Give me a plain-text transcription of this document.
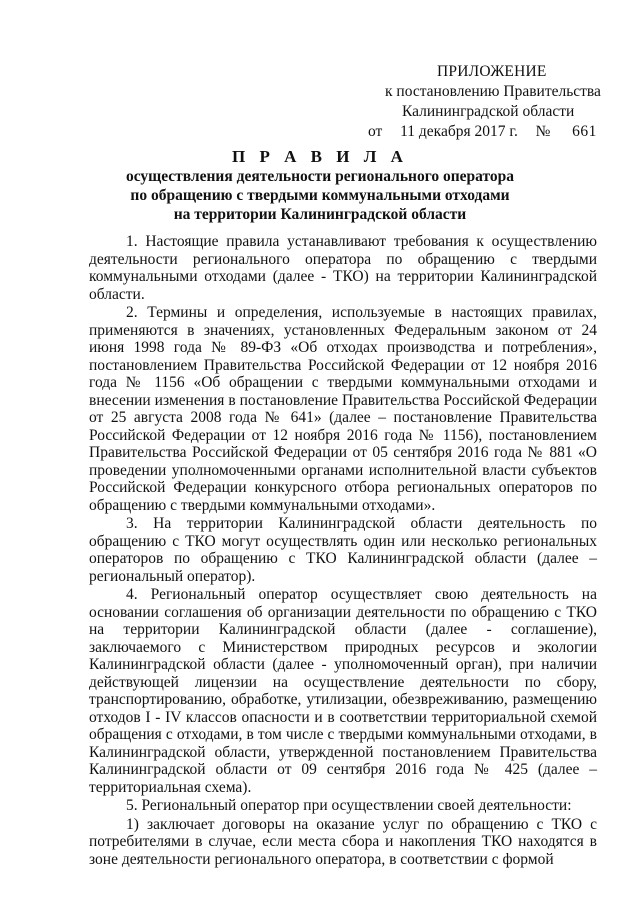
ПРИЛОЖЕНИЕ
к постановлению Правительства
Калининградской области
от 11 декабря 2017 г. № 661
П Р А В И Л А
осуществления деятельности регионального оператора
по обращению с твердыми коммунальными отходами
на территории Калининградской области

1. Настоящие правила устанавливают требования к осуществлению деятельности регионального оператора по обращению с твердыми коммунальными отходами (далее - ТКО) на территории Калининградской области.

2. Термины и определения, используемые в настоящих правилах, применяются в значениях, установленных Федеральным законом от 24 июня 1998 года № 89-ФЗ «Об отходах производства и потребления», постановлением Правительства Российской Федерации от 12 ноября 2016 года № 1156 «Об обращении с твердыми коммунальными отходами и внесении изменения в постановление Правительства Российской Федерации от 25 августа 2008 года № 641» (далее – постановление Правительства Российской Федерации от 12 ноября 2016 года № 1156), постановлением Правительства Российской Федерации от 05 сентября 2016 года № 881 «О проведении уполномоченными органами исполнительной власти субъектов Российской Федерации конкурсного отбора региональных операторов по обращению с твердыми коммунальными отходами».

3. На территории Калининградской области деятельность по обращению с ТКО могут осуществлять один или несколько региональных операторов по обращению с ТКО Калининградской области (далее – региональный оператор).

4. Региональный оператор осуществляет свою деятельность на основании соглашения об организации деятельности по обращению с ТКО на территории Калининградской области (далее - соглашение), заключаемого с Министерством природных ресурсов и экологии Калининградской области (далее - уполномоченный орган), при наличии действующей лицензии на осуществление деятельности по сбору, транспортированию, обработке, утилизации, обезвреживанию, размещению отходов I - IV классов опасности и в соответствии территориальной схемой обращения с отходами, в том числе с твердыми коммунальными отходами, в Калининградской области, утвержденной постановлением Правительства Калининградской области от 09 сентября 2016 года № 425 (далее – территориальная схема).

5. Региональный оператор при осуществлении своей деятельности:

1) заключает договоры на оказание услуг по обращению с ТКО с потребителями в случае, если места сбора и накопления ТКО находятся в зоне деятельности регионального оператора, в соответствии с формой
